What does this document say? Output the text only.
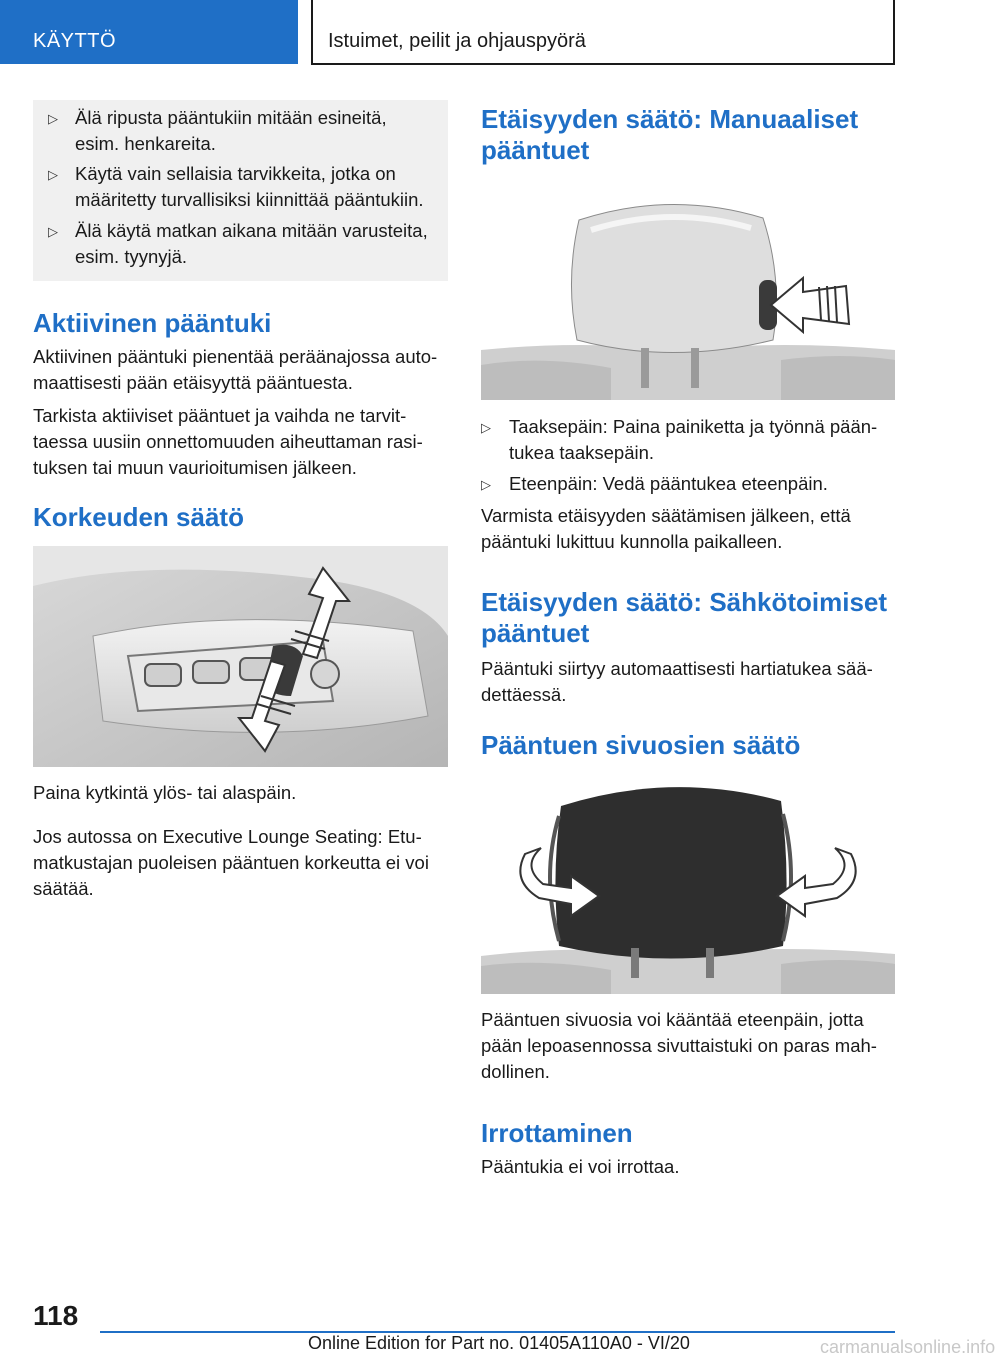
KÄYTTÖ	Istuimet, peilit ja ohjauspyörä
▷ Älä ripusta pääntukiin mitään esineitä,
esim. henkareita.
▷ Käytä vain sellaisia tarvikkeita, jotka on
määritetty turvallisiksi kiinnittää pääntukiin.
▷ Älä käytä matkan aikana mitään varusteita,
esim. tyynyjä.
Aktiivinen pääntuki

Aktiivinen pääntuki pienentää peräänajossa auto‐
maattisesti pään etäisyyttä pääntuesta.

Tarkista aktiiviset pääntuet ja vaihda ne tarvit‐
taessa uusiin onnettomuuden aiheuttaman rasi‐
tuksen tai muun vaurioitumisen jälkeen.

Korkeuden säätö

Paina kytkintä ylös- tai alaspäin.

Jos autossa on Executive Lounge Seating: Etu‐
matkustajan puoleisen pääntuen korkeutta ei voi
säätää.

Etäisyyden säätö: Manuaaliset
pääntuet
▷ Taaksepäin: Paina painiketta ja työnnä pään‐
tukea taaksepäin.
▷ Eteenpäin: Vedä pääntukea eteenpäin.

Varmista etäisyyden säätämisen jälkeen, että
pääntuki lukittuu kunnolla paikalleen.

Etäisyyden säätö: Sähkötoimiset
pääntuet

Pääntuki siirtyy automaattisesti hartiatukea sää‐
dettäessä.

Pääntuen sivuosien säätö

Pääntuen sivuosia voi kääntää eteenpäin, jotta
pään lepoasennossa sivuttaistuki on paras mah‐
dollinen.

Irrottaminen

Pääntukia ei voi irrottaa.

118
Online Edition for Part no. 01405A110A0 - VI/20	carmanualsonline.info
